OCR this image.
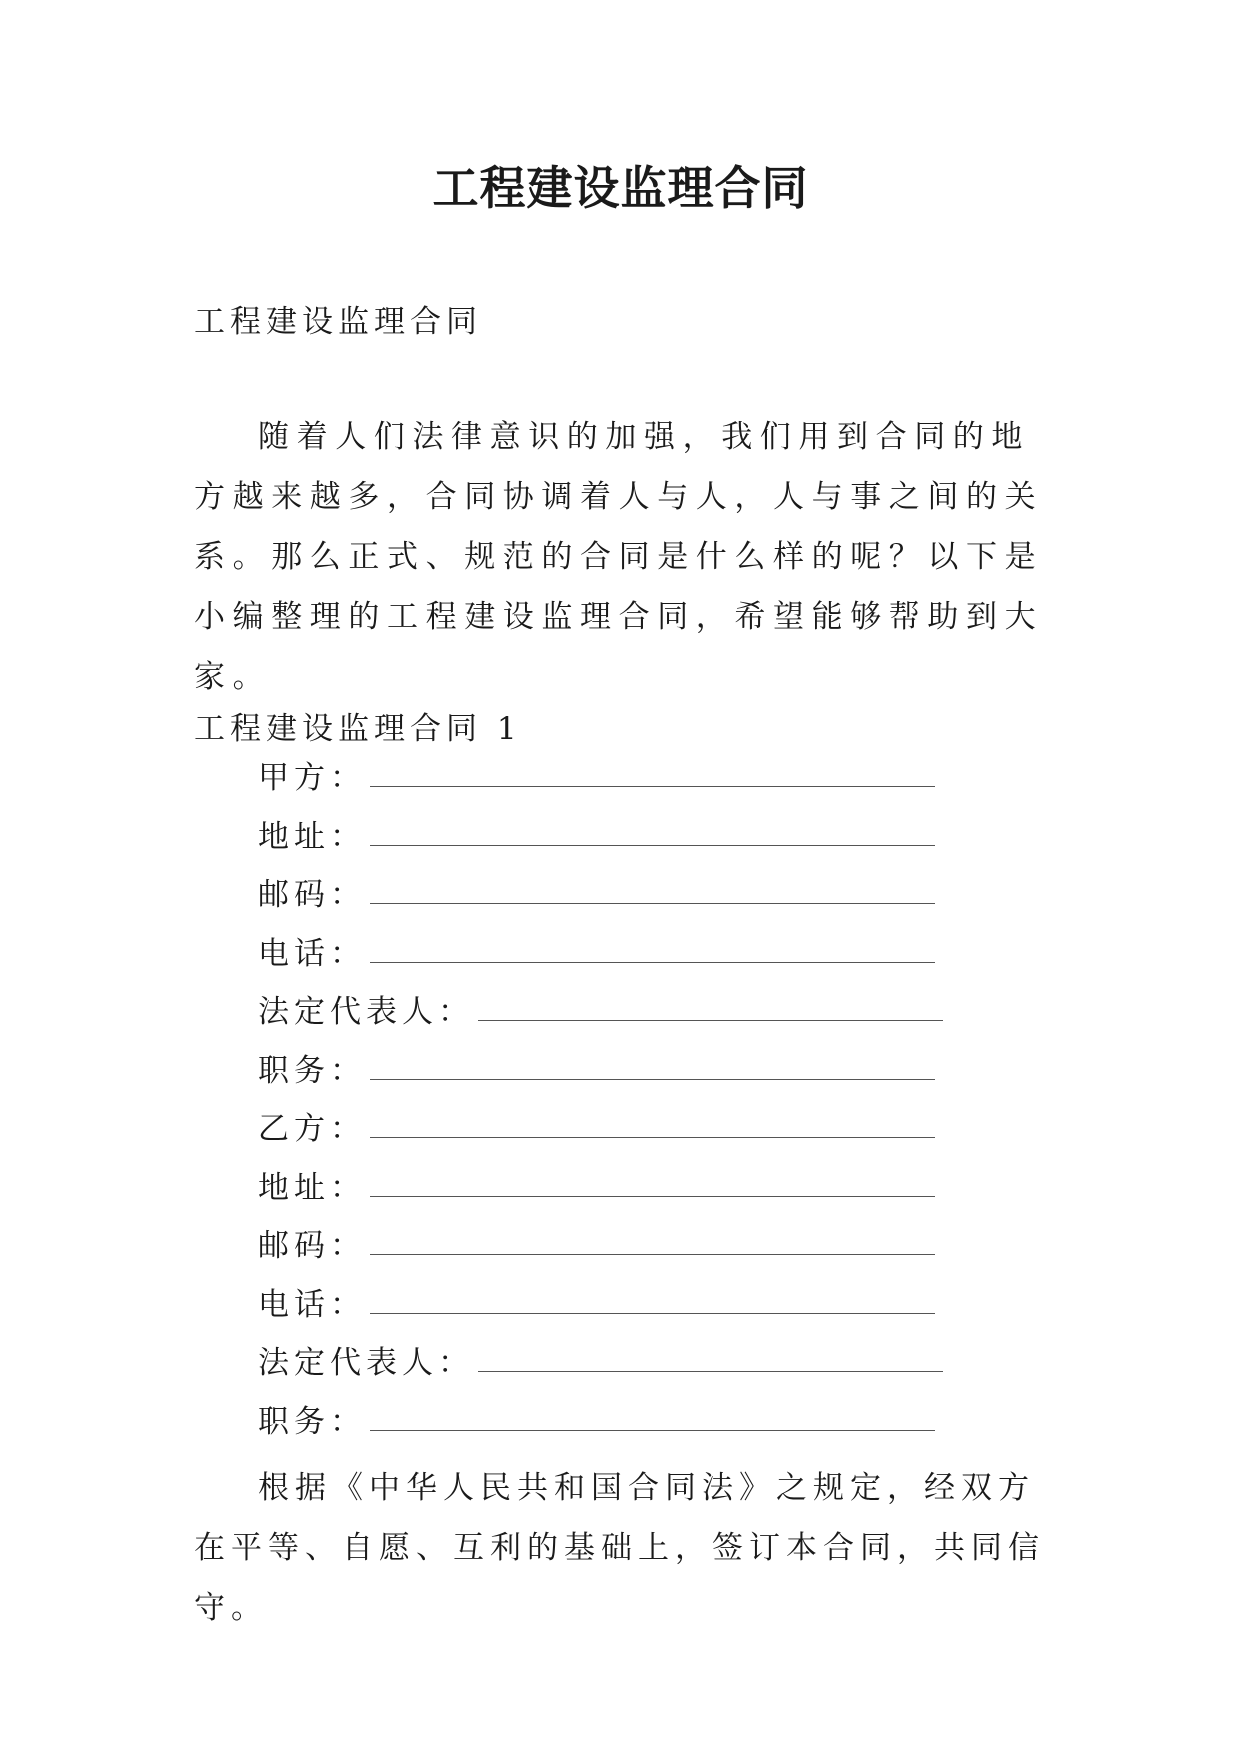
工程建设监理合同
工程建设监理合同
随着人们法律意识的加强，我们用到合同的地方越来越多，合同协调着人与人，人与事之间的关系。那么正式、规范的合同是什么样的呢？以下是小编整理的工程建设监理合同，希望能够帮助到大家。
工程建设监理合同 1
甲方：
地址：
邮码：
电话：
法定代表人：
职务：
乙方：
地址：
邮码：
电话：
法定代表人：
职务：
根据《中华人民共和国合同法》之规定，经双方在平等、自愿、互利的基础上，签订本合同，共同信守。
